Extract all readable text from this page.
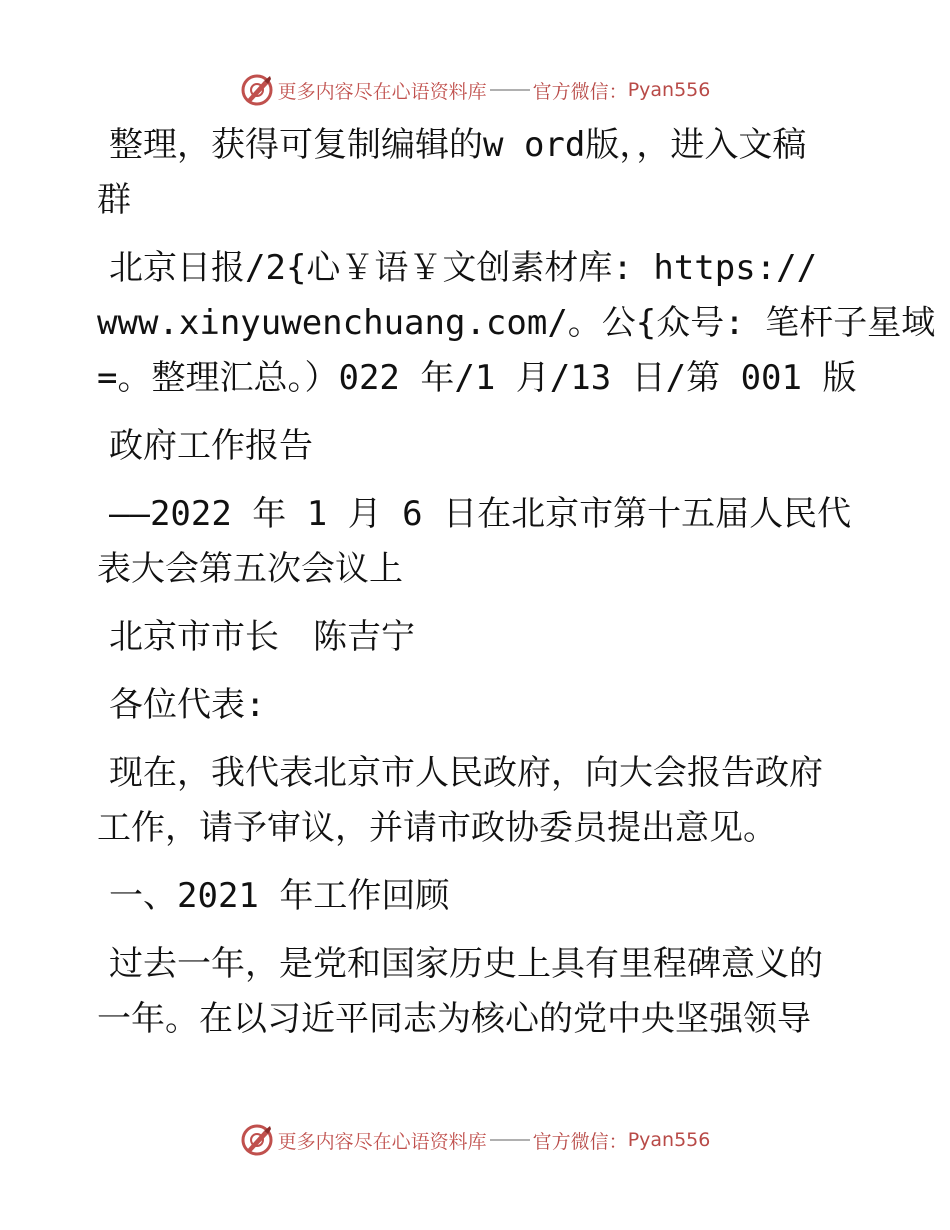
更多内容尽在心语资料库 官方微信： Pyan556

整理，获得可复制编辑的w ord版，，进入文稿
群

北京日报/2{心￥语￥文创素材库: https://
www.xinyuwenchuang.com/。公{众号: 笔杆子星域
=。整理汇总。）022 年/1 月/13 日/第 001 版

政府工作报告

——2022 年 1 月 6 日在北京市第十五届人民代
表大会第五次会议上

北京市市长　陈吉宁

各位代表:

现在，我代表北京市人民政府，向大会报告政府
工作，请予审议，并请市政协委员提出意见。

一、2021 年工作回顾

过去一年，是党和国家历史上具有里程碑意义的
一年。在以习近平同志为核心的党中央坚强领导

更多内容尽在心语资料库 官方微信： Pyan556
